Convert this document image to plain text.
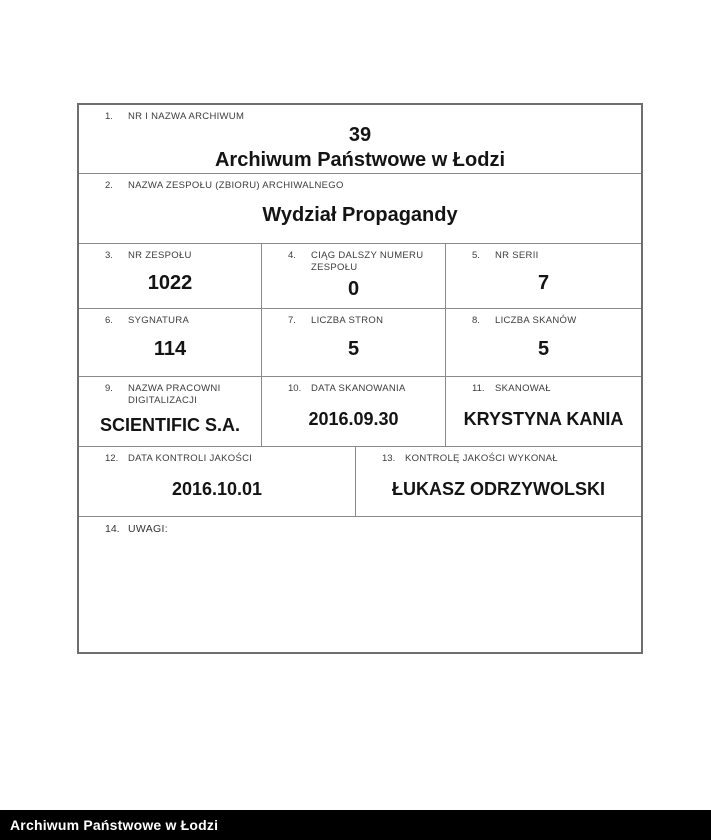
1.	NR I NAZWA ARCHIWUM
39
Archiwum Państwowe w Łodzi
2.	NAZWA ZESPOŁU (ZBIORU) ARCHIWALNEGO
Wydział Propagandy
3.	NR ZESPOŁU
1022
4.	CIĄG DALSZY NUMERU ZESPOŁU
0
5.	NR SERII
7
6.	SYGNATURA
114
7.	LICZBA STRON
5
8.	LICZBA SKANÓW
5
9.	NAZWA PRACOWNI DIGITALIZACJI
SCIENTIFIC S.A.
10.	DATA SKANOWANIA
2016.09.30
11.	SKANOWAŁ
KRYSTYNA KANIA
12.	DATA KONTROLI JAKOŚCI
2016.10.01
13.	KONTROLĘ JAKOŚCI WYKONAŁ
ŁUKASZ ODRZYWOLSKI
14. UWAGI:
Archiwum Państwowe w Łodzi
